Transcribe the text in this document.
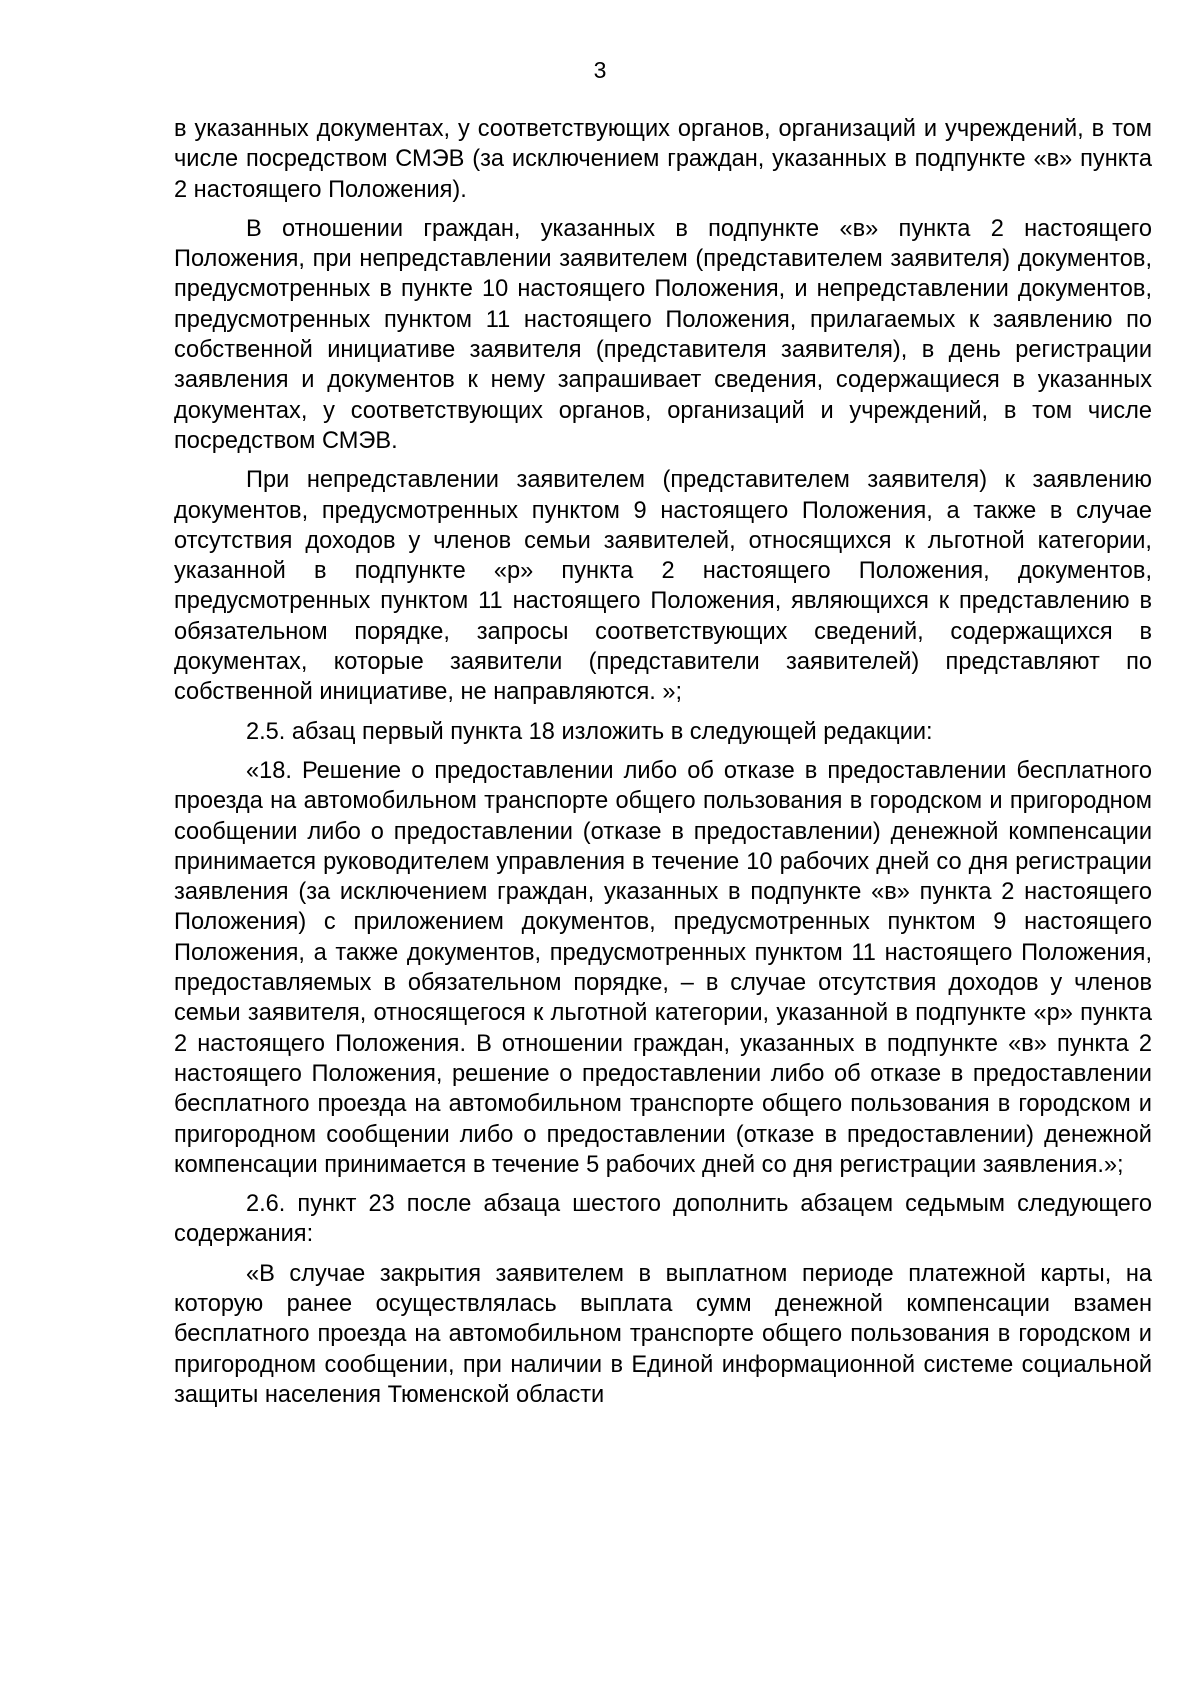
3

в указанных документах, у соответствующих органов, организаций и учреждений, в том числе посредством СМЭВ (за исключением граждан, указанных в подпункте «в» пункта 2 настоящего Положения).

В отношении граждан, указанных в подпункте «в» пункта 2 настоящего Положения, при непредставлении заявителем (представителем заявителя) документов, предусмотренных в пункте 10 настоящего Положения, и непредставлении документов, предусмотренных пунктом 11 настоящего Положения, прилагаемых к заявлению по собственной инициативе заявителя (представителя заявителя), в день регистрации заявления и документов к нему запрашивает сведения, содержащиеся в указанных документах, у соответствующих органов, организаций и учреждений, в том числе посредством СМЭВ.

При непредставлении заявителем (представителем заявителя) к заявлению документов, предусмотренных пунктом 9 настоящего Положения, а также в случае отсутствия доходов у членов семьи заявителей, относящихся к льготной категории, указанной в подпункте «р» пункта 2 настоящего Положения, документов, предусмотренных пунктом 11 настоящего Положения, являющихся к представлению в обязательном порядке, запросы соответствующих сведений, содержащихся в документах, которые заявители (представители заявителей) представляют по собственной инициативе, не направляются. »;

2.5. абзац первый пункта 18 изложить в следующей редакции:

«18. Решение о предоставлении либо об отказе в предоставлении бесплатного проезда на автомобильном транспорте общего пользования в городском и пригородном сообщении либо о предоставлении (отказе в предоставлении) денежной компенсации принимается руководителем управления в течение 10 рабочих дней со дня регистрации заявления (за исключением граждан, указанных в подпункте «в» пункта 2 настоящего Положения) с приложением документов, предусмотренных пунктом 9 настоящего Положения, а также документов, предусмотренных пунктом 11 настоящего Положения, предоставляемых в обязательном порядке, – в случае отсутствия доходов у членов семьи заявителя, относящегося к льготной категории, указанной в подпункте «р» пункта 2 настоящего Положения. В отношении граждан, указанных в подпункте «в» пункта 2 настоящего Положения, решение о предоставлении либо об отказе в предоставлении бесплатного проезда на автомобильном транспорте общего пользования в городском и пригородном сообщении либо о предоставлении (отказе в предоставлении) денежной компенсации принимается в течение 5 рабочих дней со дня регистрации заявления.»;

2.6. пункт 23 после абзаца шестого дополнить абзацем седьмым следующего содержания:

«В случае закрытия заявителем в выплатном периоде платежной карты, на которую ранее осуществлялась выплата сумм денежной компенсации взамен бесплатного проезда на автомобильном транспорте общего пользования в городском и пригородном сообщении, при наличии в Единой информационной системе социальной защиты населения Тюменской области
